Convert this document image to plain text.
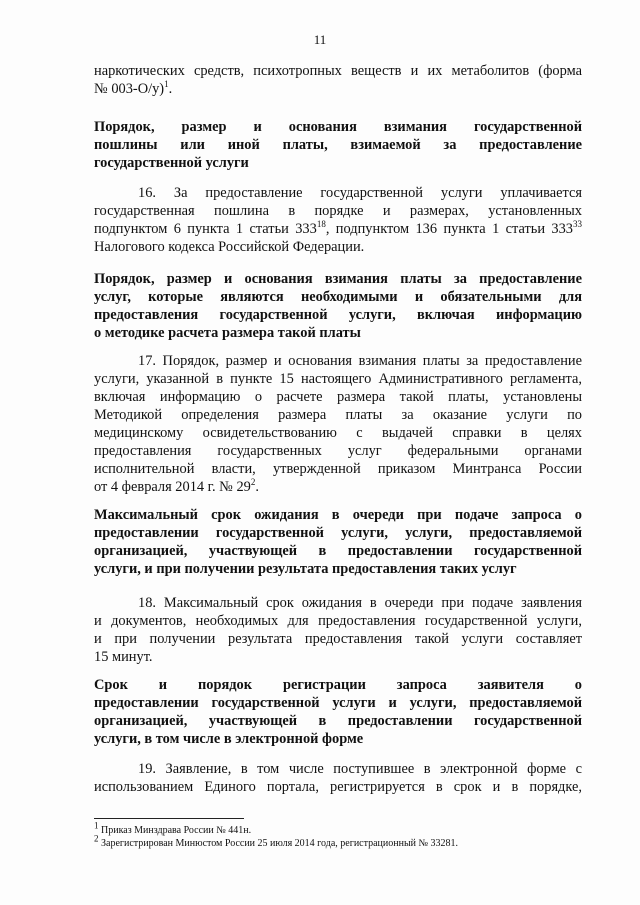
11
наркотических средств, психотропных веществ и их метаболитов (форма
№ 003-О/у)$^1$.
Порядок, размер и основания взимания государственной
пошлины или иной платы, взимаемой за предоставление
государственной услуги
16. За предоставление государственной услуги уплачивается
государственная пошлина в порядке и размерах, установленных
подпунктом 6 пункта 1 статьи $333^{18}$, подпунктом 136 пункта 1 статьи $333^{33}$
Налогового кодекса Российской Федерации.
Порядок, размер и основания взимания платы за предоставление
услуг, которые являются необходимыми и обязательными для
предоставления государственной услуги, включая информацию
о методике расчета размера такой платы
17. Порядок, размер и основания взимания платы за предоставление
услуги, указанной в пункте 15 настоящего Административного регламента,
включая информацию о расчете размера такой платы, установлены
Методикой определения размера платы за оказание услуги по
медицинскому освидетельствованию с выдачей справки в целях
предоставления государственных услуг федеральными органами
исполнительной власти, утвержденной приказом Минтранса России
от 4 февраля 2014 г. № $29^2$.
Максимальный срок ожидания в очереди при подаче запроса о
предоставлении государственной услуги, услуги, предоставляемой
организацией, участвующей в предоставлении государственной
услуги, и при получении результата предоставления таких услуг
18. Максимальный срок ожидания в очереди при подаче заявления
и документов, необходимых для предоставления государственной услуги,
и при получении результата предоставления такой услуги составляет
15 минут.
Срок и порядок регистрации запроса заявителя о
предоставлении государственной услуги и услуги, предоставляемой
организацией, участвующей в предоставлении государственной
услуги, в том числе в электронной форме
19. Заявление, в том числе поступившее в электронной форме с
использованием Единого портала, регистрируется в срок и в порядке,
$^1$ Приказ Минздрава России № 441н.
$^2$ Зарегистрирован Минюстом России 25 июля 2014 года, регистрационный № 33281.
